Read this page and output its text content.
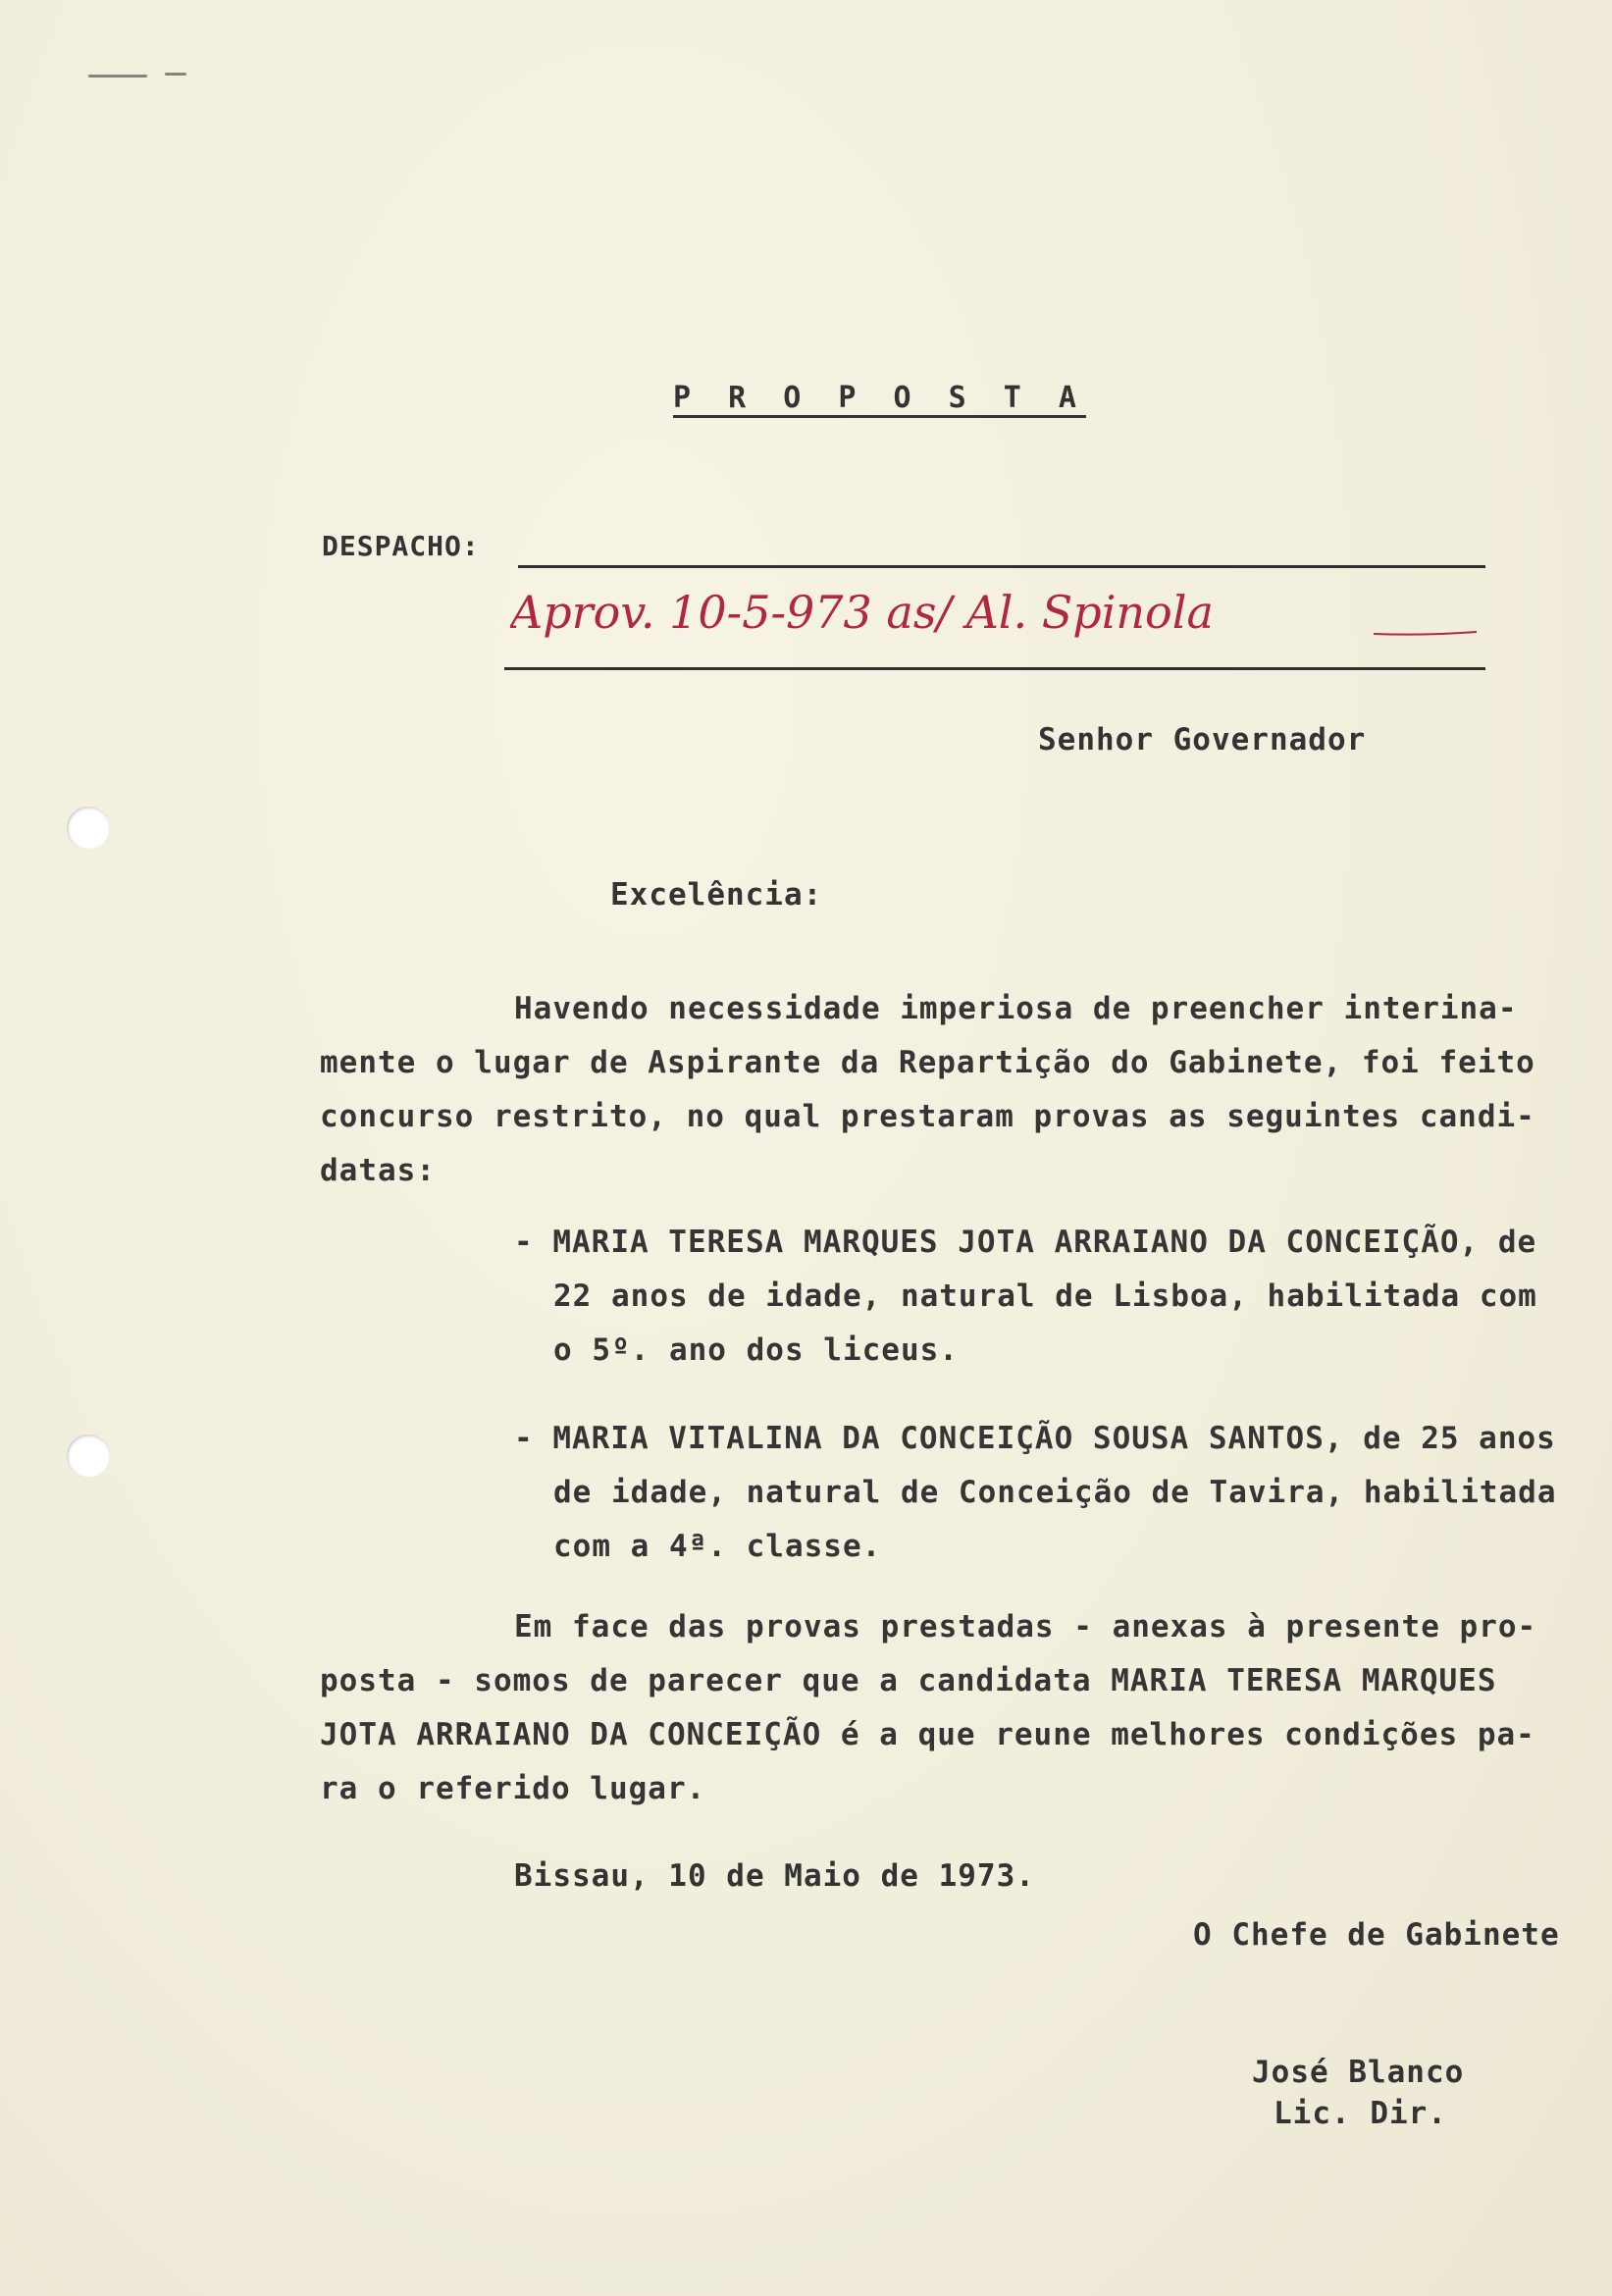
P R O P O S T A
DESPACHO:
Aprov. 10-5-973 as/ Al. Spinola
Senhor Governador
Excelência:
Havendo necessidade imperiosa de preencher interina-
mente o lugar de Aspirante da Repartição do Gabinete, foi feito
concurso restrito, no qual prestaram provas as seguintes candi-
datas:
- MARIA TERESA MARQUES JOTA ARRAIANO DA CONCEIÇÃO, de
22 anos de idade, natural de Lisboa, habilitada com
o 5º. ano dos liceus.
- MARIA VITALINA DA CONCEIÇÃO SOUSA SANTOS, de 25 anos
de idade, natural de Conceição de Tavira, habilitada
com a 4ª. classe.
Em face das provas prestadas - anexas à presente pro-
posta - somos de parecer que a candidata MARIA TERESA MARQUES
JOTA ARRAIANO DA CONCEIÇÃO é a que reune melhores condições pa-
ra o referido lugar.
Bissau, 10 de Maio de 1973.
O Chefe de Gabinete
José Blanco
Lic. Dir.
